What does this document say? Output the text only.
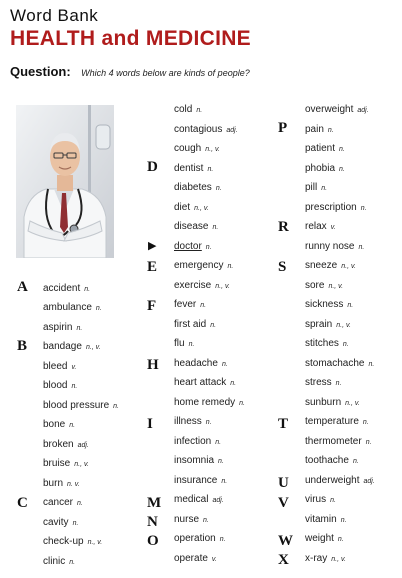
Word Bank
HEALTH and MEDICINE
Question: Which 4 words below are kinds of people?
A
B
C
D
E
F
H
I
M
N
O
P
R
S
T
U
V
W
X
▶
accident n.
ambulance n.
aspirin n.
bandage n., v.
bleed v.
blood n.
blood pressure n.
bone n.
broken adj.
bruise n., v.
burn n. v.
cancer n.
cavity n.
check-up n., v.
clinic n.
cold n.
contagious adj.
cough n., v.
dentist n.
diabetes n.
diet n., v.
disease n.
doctor n.
emergency n.
exercise n., v.
fever n.
first aid n.
flu n.
headache n.
heart attack n.
home remedy n.
illness n.
infection n.
insomnia n.
insurance n.
medical adj.
nurse n.
operation n.
operate v.
overweight adj.
pain n.
patient n.
phobia n.
pill n.
prescription n.
relax v.
runny nose n.
sneeze n., v.
sore n., v.
sickness n.
sprain n., v.
stitches n.
stomachache n.
stress n.
sunburn n., v.
temperature n.
thermometer n.
toothache n.
underweight adj.
virus n.
vitamin n.
weight n.
x-ray n., v.
